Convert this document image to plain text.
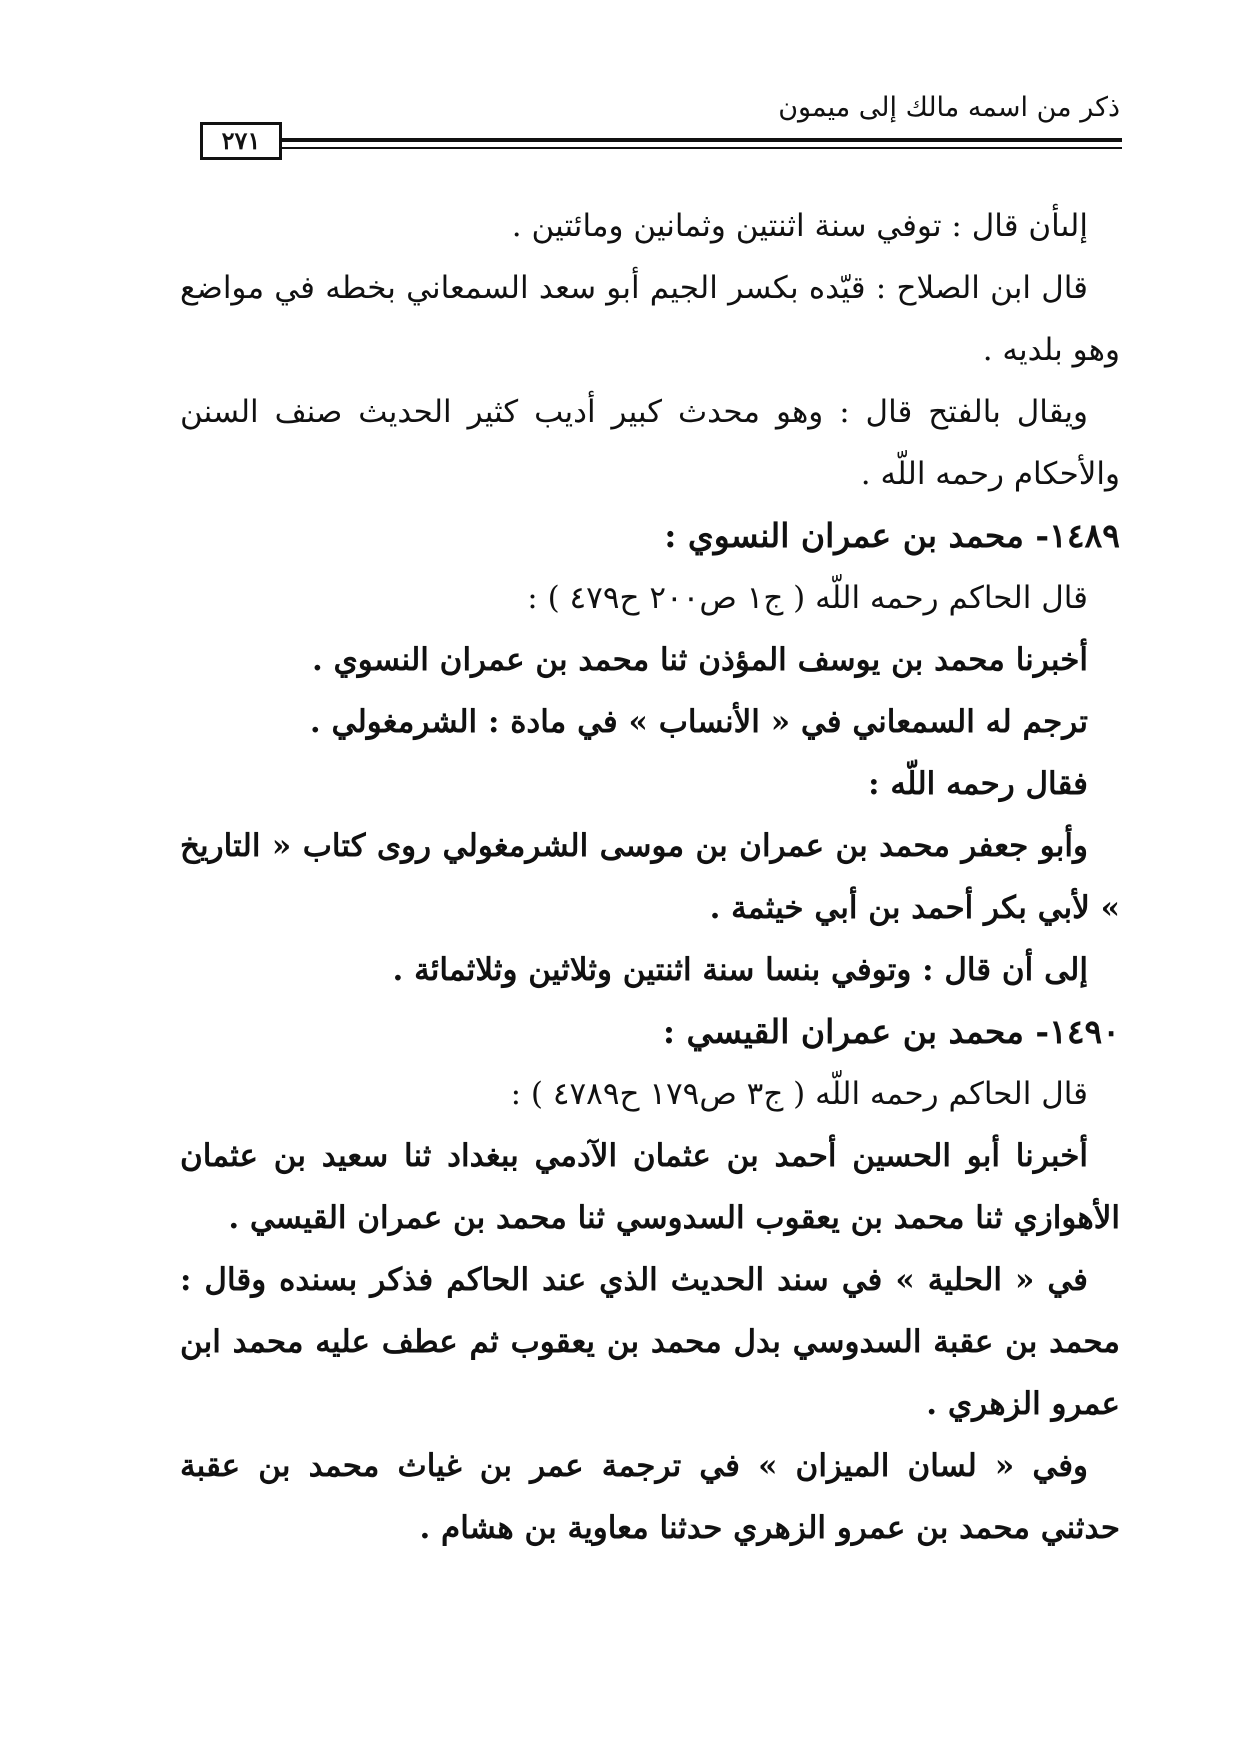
ذكر من اسمه مالك إلى ميمون
٢٧١

إلىأن قال : توفي سنة اثنتين وثمانين ومائتين .

قال ابن الصلاح : قيّده بكسر الجيم أبو سعد السمعاني بخطه في مواضع وهو بلديه .

ويقال بالفتح قال : وهو محدث كبير أديب كثير الحديث صنف السنن والأحكام رحمه اللّه .

١٤٨٩- محمد بن عمران النسوي :

قال الحاكم رحمه اللّه ( ج١ ص٢٠٠ ح٤٧٩ ) :

أخبرنا محمد بن يوسف المؤذن ثنا محمد بن عمران النسوي .

ترجم له السمعاني في « الأنساب » في مادة : الشرمغولي .

فقال رحمه اللّه :

وأبو جعفر محمد بن عمران بن موسى الشرمغولي روى كتاب « التاريخ » لأبي بكر أحمد بن أبي خيثمة .

إلى أن قال : وتوفي بنسا سنة اثنتين وثلاثين وثلاثمائة .

١٤٩٠- محمد بن عمران القيسي :

قال الحاكم رحمه اللّه ( ج٣ ص١٧٩ ح٤٧٨٩ ) :

أخبرنا أبو الحسين أحمد بن عثمان الآدمي ببغداد ثنا سعيد بن عثمان الأهوازي ثنا محمد بن يعقوب السدوسي ثنا محمد بن عمران القيسي .

في « الحلية » في سند الحديث الذي عند الحاكم فذكر بسنده وقال : محمد بن عقبة السدوسي بدل محمد بن يعقوب ثم عطف عليه محمد ابن عمرو الزهري .

وفي « لسان الميزان » في ترجمة عمر بن غياث محمد بن عقبة حدثني محمد بن عمرو الزهري حدثنا معاوية بن هشام .
